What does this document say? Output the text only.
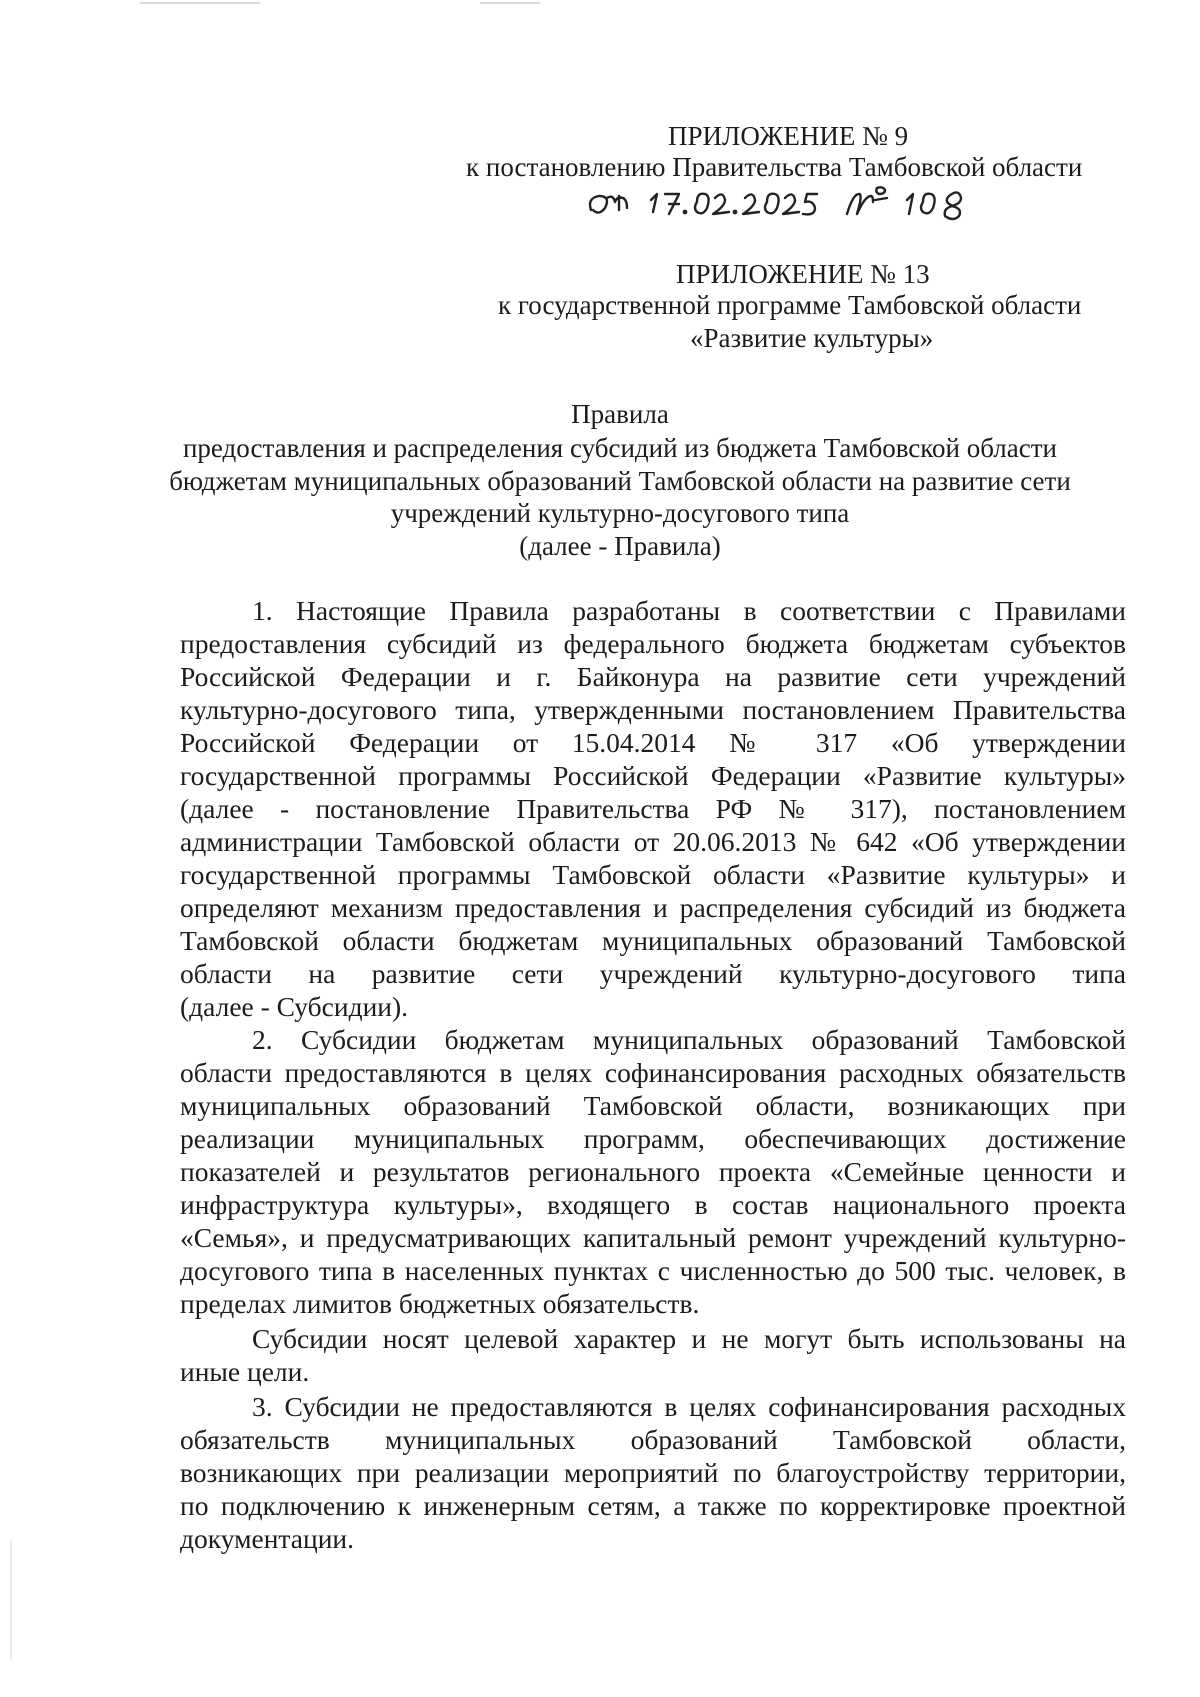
ПРИЛОЖЕНИЕ № 9
к постановлению Правительства Тамбовской области
ПРИЛОЖЕНИЕ № 13
к государственной программе Тамбовской области
«Развитие культуры»
Правила
предоставления и распределения субсидий из бюджета Тамбовской области
бюджетам муниципальных образований Тамбовской области на развитие сети
учреждений культурно-досугового типа
(далее - Правила)
1. Настоящие Правила разработаны в соответствии с Правилами
предоставления субсидий из федерального бюджета бюджетам субъектов
Российской Федерации и г. Байконура на развитие сети учреждений
культурно-досугового типа, утвержденными постановлением Правительства
Российской Федерации от 15.04.2014 № 317 «Об утверждении
государственной программы Российской Федерации «Развитие культуры»
(далее - постановление Правительства РФ № 317), постановлением
администрации Тамбовской области от 20.06.2013 № 642 «Об утверждении
государственной программы Тамбовской области «Развитие культуры» и
определяют механизм предоставления и распределения субсидий из бюджета
Тамбовской области бюджетам муниципальных образований Тамбовской
области на развитие сети учреждений культурно-досугового типа
(далее - Субсидии).
2. Субсидии бюджетам муниципальных образований Тамбовской
области предоставляются в целях софинансирования расходных обязательств
муниципальных образований Тамбовской области, возникающих при
реализации муниципальных программ, обеспечивающих достижение
показателей и результатов регионального проекта «Семейные ценности и
инфраструктура культуры», входящего в состав национального проекта
«Семья», и предусматривающих капитальный ремонт учреждений культурно-
досугового типа в населенных пунктах с численностью до 500 тыс. человек, в
пределах лимитов бюджетных обязательств.
Субсидии носят целевой характер и не могут быть использованы на
иные цели.
3. Субсидии не предоставляются в целях софинансирования расходных
обязательств муниципальных образований Тамбовской области,
возникающих при реализации мероприятий по благоустройству территории,
по подключению к инженерным сетям, а также по корректировке проектной
документации.
